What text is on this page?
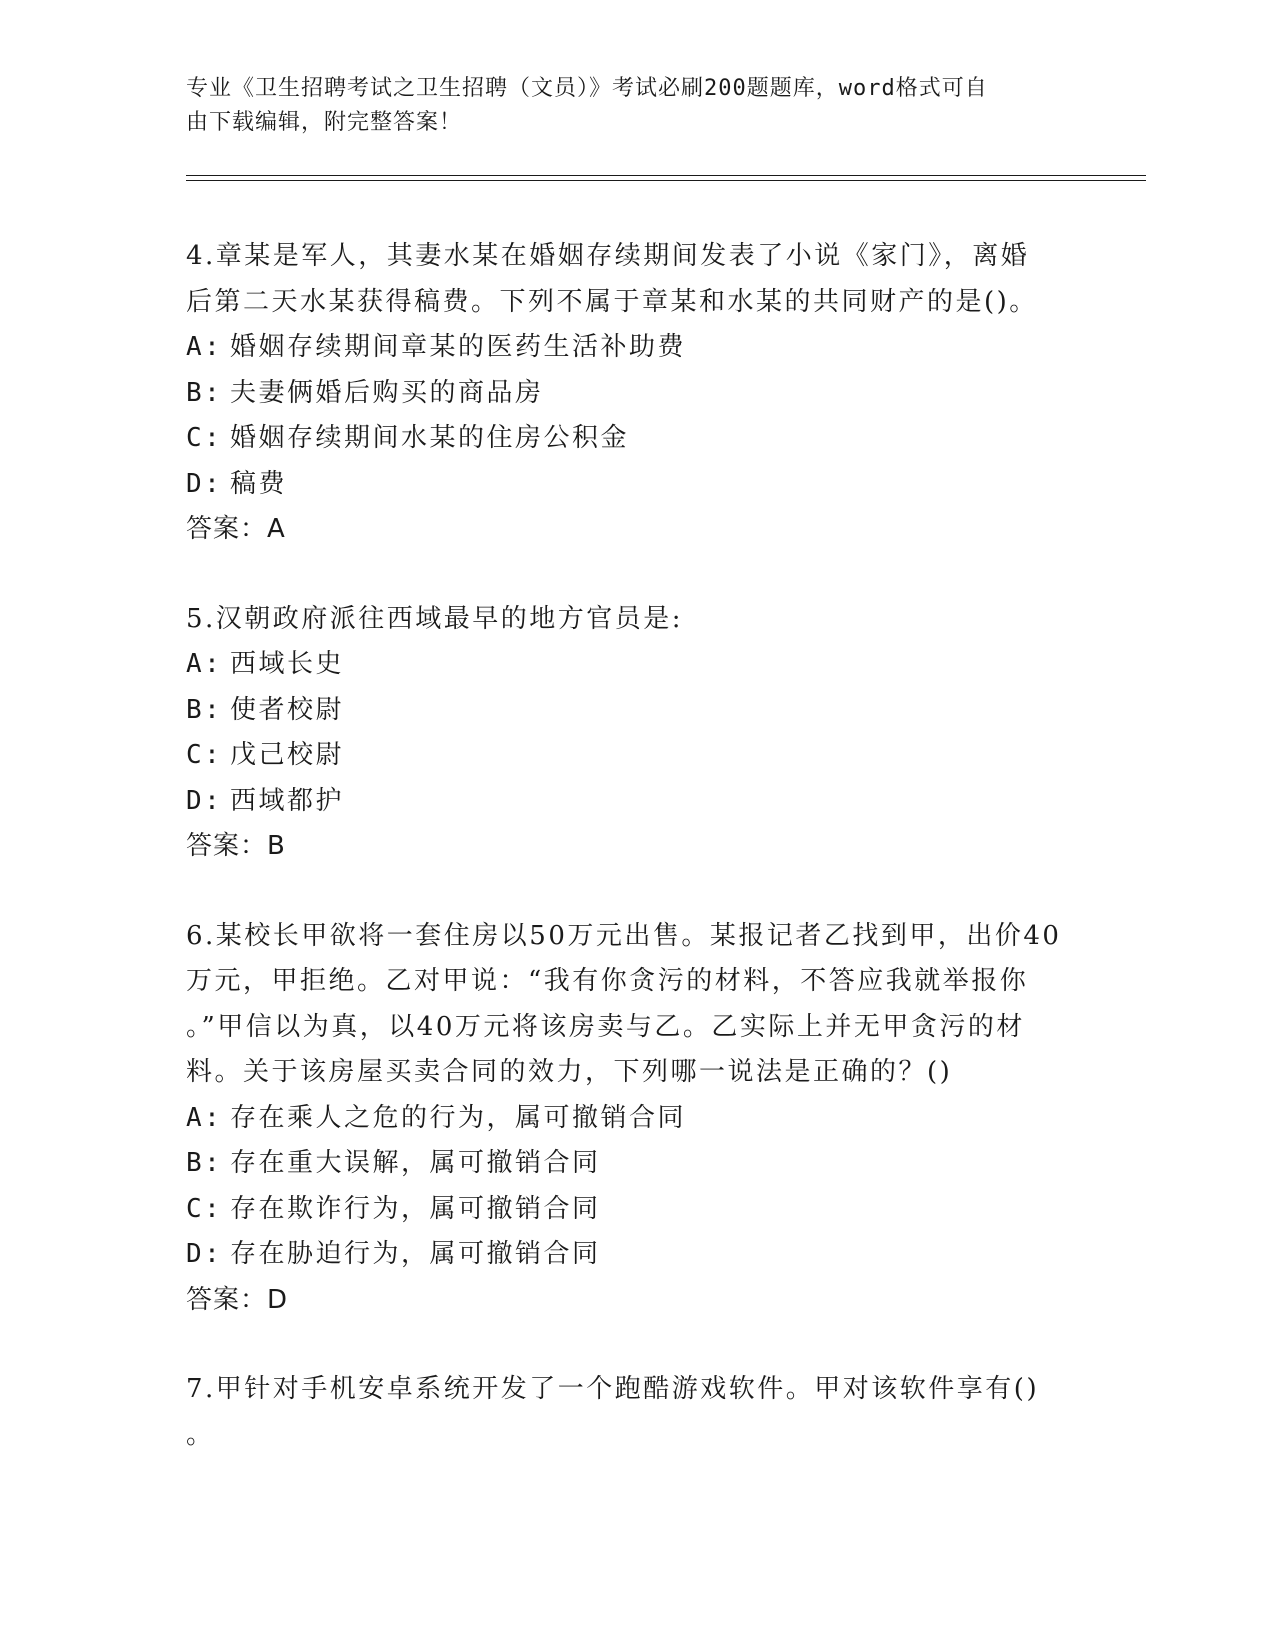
专业《卫生招聘考试之卫生招聘（文员）》考试必刷200题题库，word格式可自
由下载编辑，附完整答案！
4.章某是军人，其妻水某在婚姻存续期间发表了小说《家门》，离婚
后第二天水某获得稿费。下列不属于章某和水某的共同财产的是()。
A: 婚姻存续期间章某的医药生活补助费
B: 夫妻俩婚后购买的商品房
C: 婚姻存续期间水某的住房公积金
D: 稿费
答案：A
5.汉朝政府派往西域最早的地方官员是:
A: 西域长史
B: 使者校尉
C: 戊己校尉
D: 西域都护
答案：B
6.某校长甲欲将一套住房以50万元出售。某报记者乙找到甲，出价40
万元，甲拒绝。乙对甲说：“我有你贪污的材料，不答应我就举报你
。”甲信以为真，以40万元将该房卖与乙。乙实际上并无甲贪污的材
料。关于该房屋买卖合同的效力，下列哪一说法是正确的？()
A: 存在乘人之危的行为，属可撤销合同
B: 存在重大误解，属可撤销合同
C: 存在欺诈行为，属可撤销合同
D: 存在胁迫行为，属可撤销合同
答案：D
7.甲针对手机安卓系统开发了一个跑酷游戏软件。甲对该软件享有()
。
